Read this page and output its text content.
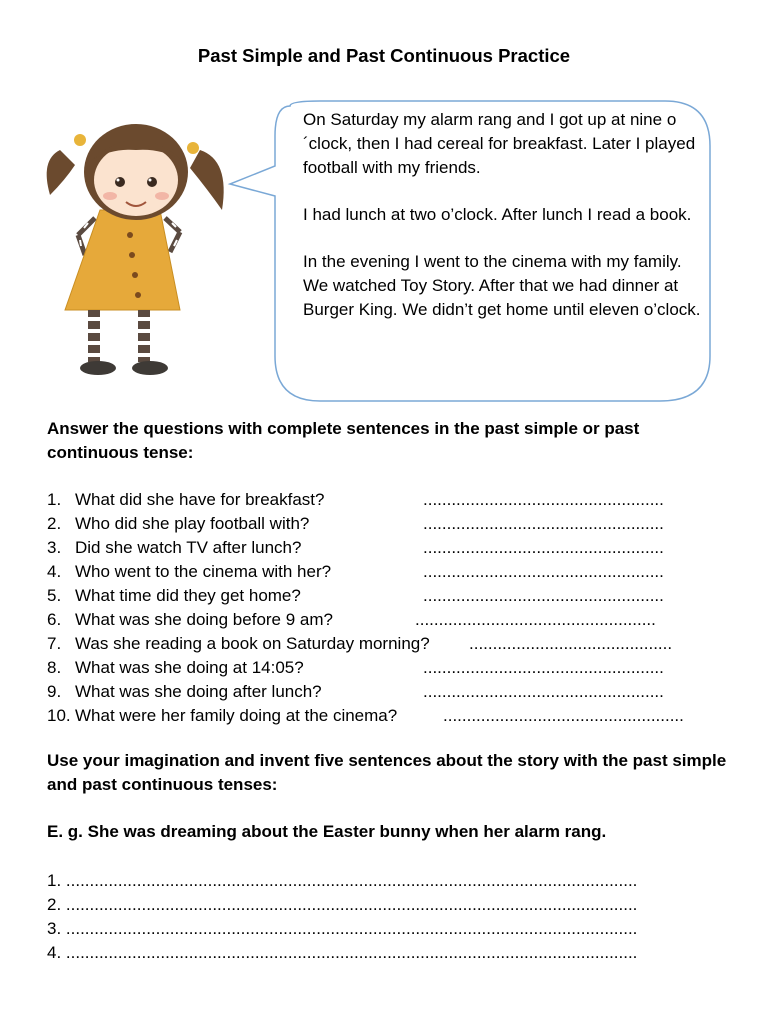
Past Simple and Past Continuous Practice

On Saturday my alarm rang and I got up at nine o´clock, then I had cereal for breakfast. Later I played football with my friends.

I had lunch at two o’clock. After lunch I read a book.

In the evening I went to the cinema with my family. We watched Toy Story. After that we had dinner at Burger King. We didn’t get home until eleven o’clock.

Answer the questions with complete sentences in the past simple or past continuous tense:
1. What did she have for breakfast?	...................................................
2. Who did she play football with?	...................................................
3. Did she watch TV after lunch?	...................................................
4. Who went to the cinema with her?	...................................................
5. What time did they get home?	...................................................
6. What was she doing before 9 am?	...................................................
7. Was she reading a book on Saturday morning? ...........................................
8. What was she doing at 14:05?	...................................................
9. What was she doing after lunch?	...................................................
10. What were her family doing at the cinema?	...................................................
Use your imagination and invent five sentences about the story with the past simple and past continuous tenses:
E. g. She was dreaming about the Easter bunny when her alarm rang.
1. .........................................................................................................................
2. .........................................................................................................................
3. .........................................................................................................................
4. .........................................................................................................................
